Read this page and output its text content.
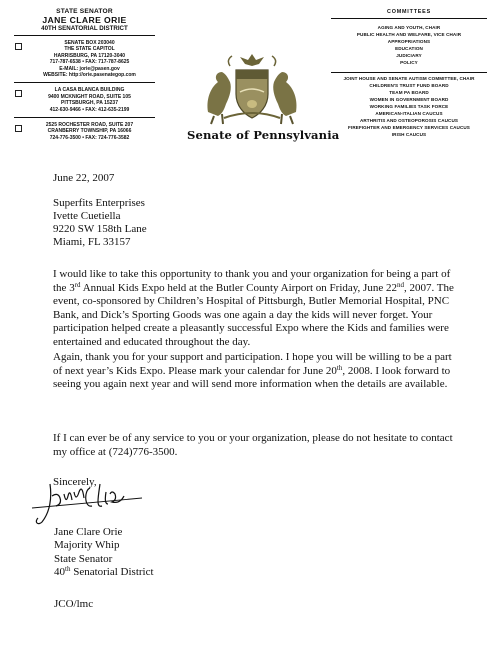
STATE SENATOR
JANE CLARE ORIE
40TH SENATORIAL DISTRICT
SENATE BOX 203040
THE STATE CAPITOL
HARRISBURG, PA 17120-3040
717-787-6538 • FAX: 717-787-8625
E-MAIL: jorie@pasen.gov
WEBSITE: http://orie.pasenategop.com
LA CASA BLANCA BUILDING
9400 MCKNIGHT ROAD, SUITE 105
PITTSBURGH, PA 15237
412-630-9466 • FAX: 412-635-2199
2525 ROCHESTER ROAD, SUITE 207
CRANBERRY TOWNSHIP, PA 16066
724-776-3500 • FAX: 724-776-3582	Senate of Pennsylvania
COMMITTEES
AGING AND YOUTH, CHAIR
PUBLIC HEALTH AND WELFARE, VICE CHAIR
APPROPRIATIONS
EDUCATION
JUDICIARY
POLICY
JOINT HOUSE AND SENATE AUTISM COMMITTEE, CHAIR
CHILDREN'S TRUST FUND BOARD
TEAM PA BOARD
WOMEN IN GOVERNMENT BOARD
WORKING FAMILIES TASK FORCE
AMERICAN-ITALIAN CAUCUS
ARTHRITIS AND OSTEOPOROSIS CAUCUS
FIREFIGHTER AND EMERGENCY SERVICES CAUCUS
IRISH CAUCUS
June 22, 2007
Superfits Enterprises
Ivette Cuetiella
9220 SW 158th Lane
Miami, FL 33157

I would like to take this opportunity to thank you and your organization for being a part of the 3rd Annual Kids Expo held at the Butler County Airport on Friday, June 22nd, 2007. The event, co-sponsored by Children’s Hospital of Pittsburgh, Butler Memorial Hospital, PNC Bank, and Dick’s Sporting Goods was one again a day the kids will never forget. Your participation helped create a pleasantly successful Expo where the Kids and families were entertained and educated throughout the day.

Again, thank you for your support and participation. I hope you will be willing to be a part of next year’s Kids Expo. Please mark your calendar for June 20th, 2008. I look forward to seeing you again next year and will send more information when the details are available.

If I can ever be of any service to you or your organization, please do not hesitate to contact my office at (724)776-3500.

Sincerely,
Jane Clare Orie
Majority Whip
State Senator
40th Senatorial District
JCO/lmc
